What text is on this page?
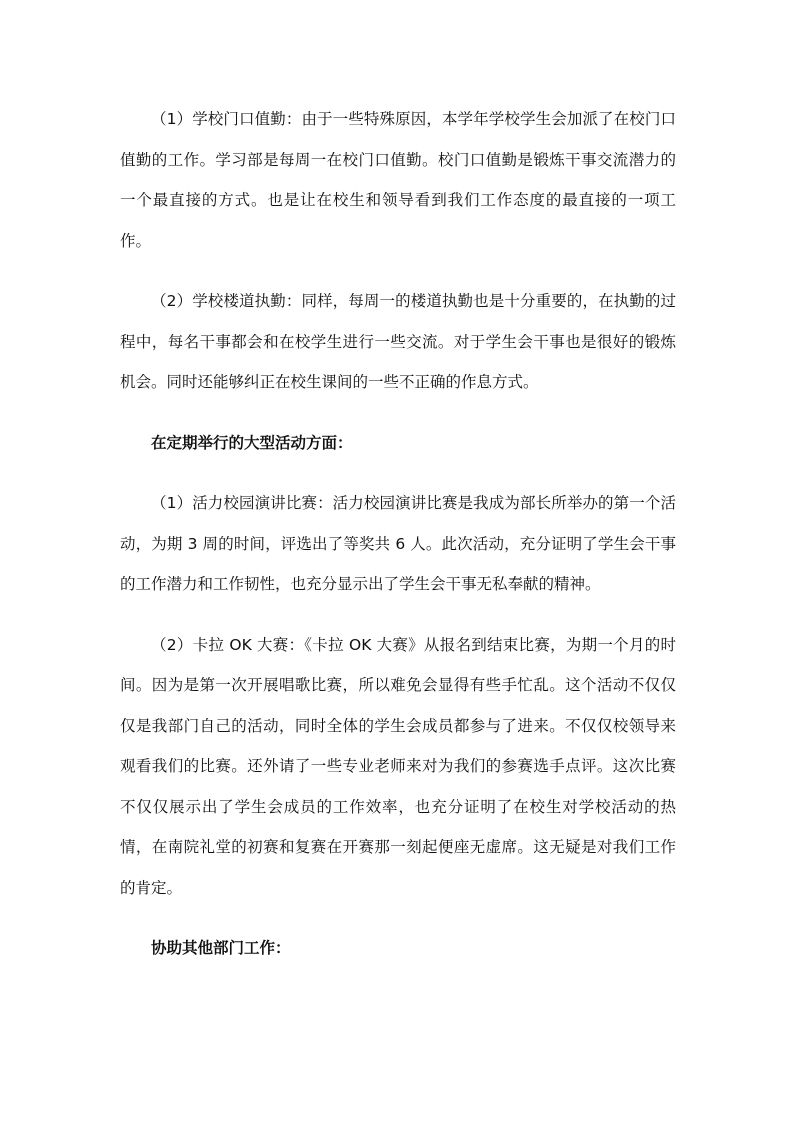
（1）学校门口值勤：由于一些特殊原因，本学年学校学生会加派了在校门口值勤的工作。学习部是每周一在校门口值勤。校门口值勤是锻炼干事交流潜力的一个最直接的方式。也是让在校生和领导看到我们工作态度的最直接的一项工作。

（2）学校楼道执勤：同样，每周一的楼道执勤也是十分重要的，在执勤的过程中，每名干事都会和在校学生进行一些交流。对于学生会干事也是很好的锻炼机会。同时还能够纠正在校生课间的一些不正确的作息方式。

在定期举行的大型活动方面：

（1）活力校园演讲比赛：活力校园演讲比赛是我成为部长所举办的第一个活动，为期 3 周的时间，评选出了等奖共 6 人。此次活动，充分证明了学生会干事的工作潜力和工作韧性，也充分显示出了学生会干事无私奉献的精神。

（2）卡拉 OK 大赛：《卡拉 OK 大赛》从报名到结束比赛，为期一个月的时间。因为是第一次开展唱歌比赛，所以难免会显得有些手忙乱。这个活动不仅仅仅是我部门自己的活动，同时全体的学生会成员都参与了进来。不仅仅校领导来观看我们的比赛。还外请了一些专业老师来对为我们的参赛选手点评。这次比赛不仅仅展示出了学生会成员的工作效率，也充分证明了在校生对学校活动的热情，在南院礼堂的初赛和复赛在开赛那一刻起便座无虚席。这无疑是对我们工作的肯定。

协助其他部门工作：
